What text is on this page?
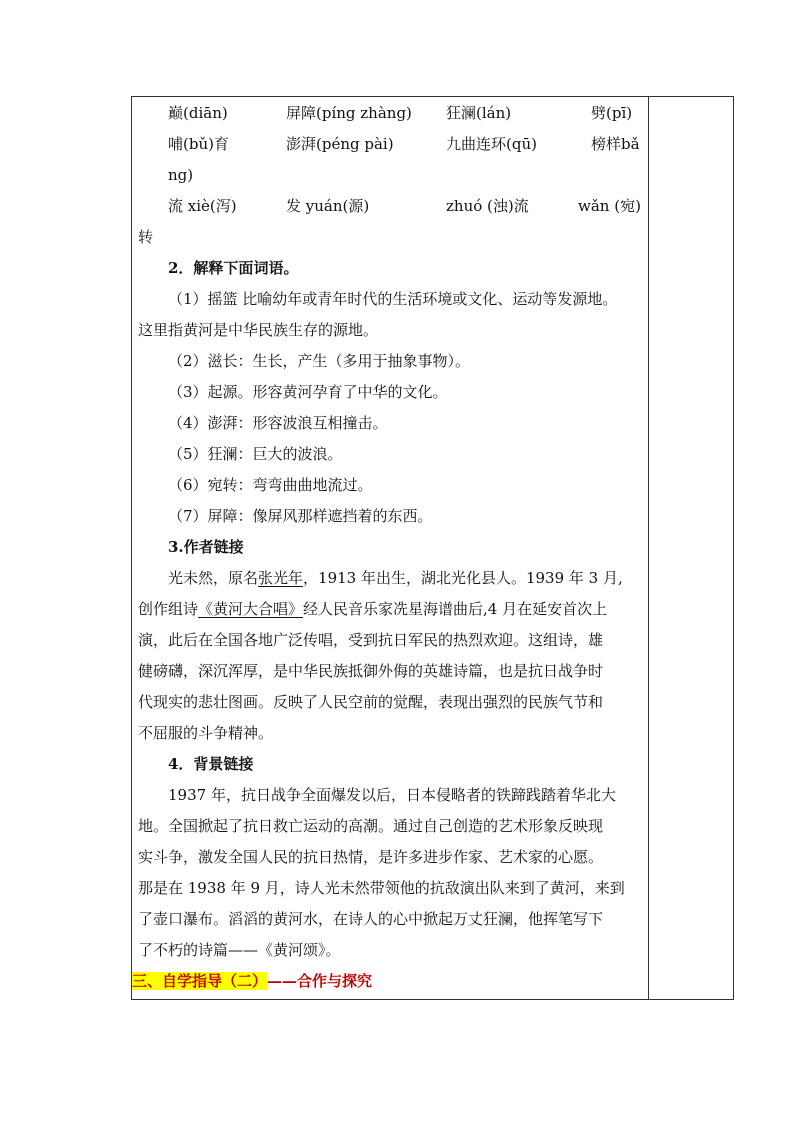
巅(diān)	屏障(píng zhàng) 狂澜(lán)	劈(pī)
哺(bǔ)育	澎湃(péng pài)	九曲连环(qū)	榜样bǎ
ng)
流 xiè(泻)	发 yuán(源)	zhuó (浊)流	wǎn (宛)
转
2．解释下面词语。
（1）摇篮 比喻幼年或青年时代的生活环境或文化、运动等发源地。
这里指黄河是中华民族生存的源地。
（2）滋长：生长，产生（多用于抽象事物）。
（3）起源。形容黄河孕育了中华的文化。
（4）澎湃：形容波浪互相撞击。
（5）狂澜：巨大的波浪。
（6）宛转：弯弯曲曲地流过。
（7）屏障：像屏风那样遮挡着的东西。
3.作者链接
光未然，原名张光年，1913 年出生，湖北光化县人。1939 年 3 月,
创作组诗《黄河大合唱》经人民音乐家冼星海谱曲后,4 月在延安首次上
演，此后在全国各地广泛传唱，受到抗日军民的热烈欢迎。这组诗，雄
健磅礴，深沉浑厚，是中华民族抵御外侮的英雄诗篇，也是抗日战争时
代现实的悲壮图画。反映了人民空前的觉醒，表现出强烈的民族气节和
不屈服的斗争精神。
4．背景链接
1937 年，抗日战争全面爆发以后，日本侵略者的铁蹄践踏着华北大
地。全国掀起了抗日救亡运动的高潮。通过自己创造的艺术形象反映现
实斗争，激发全国人民的抗日热情，是许多进步作家、艺术家的心愿。
那是在 1938 年 9 月，诗人光未然带领他的抗敌演出队来到了黄河，来到
了壶口瀑布。滔滔的黄河水，在诗人的心中掀起万丈狂澜，他挥笔写下
了不朽的诗篇——《黄河颂》。
三、自学指导（二）——合作与探究
